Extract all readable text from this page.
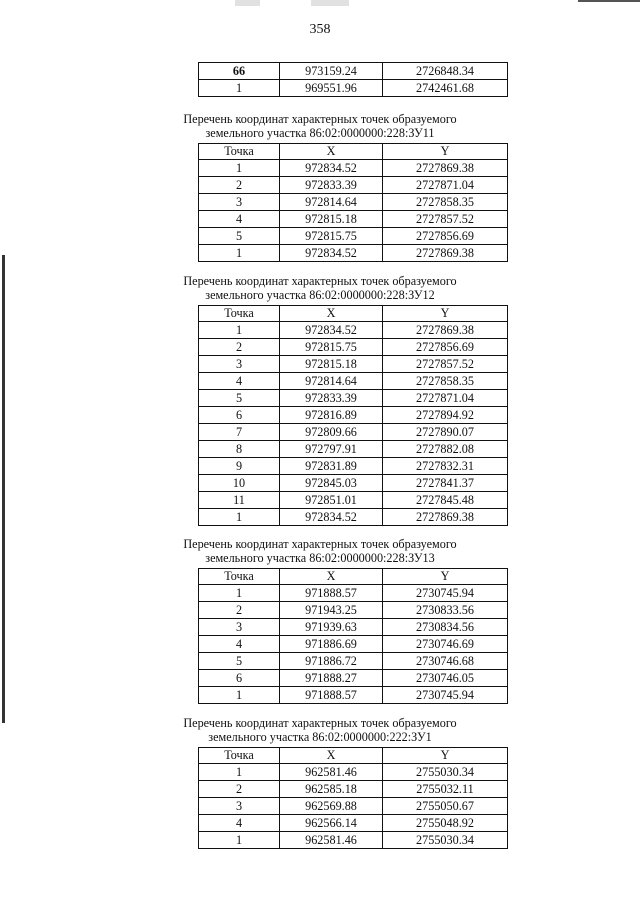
358
66	973159.24	2726848.34
1	969551.96	2742461.68
Перечень координат характерных точек образуемого
земельного участка 86:02:0000000:228:ЗУ11
Точка	X	Y
1	972834.52	2727869.38
2	972833.39	2727871.04
3	972814.64	2727858.35
4	972815.18	2727857.52
5	972815.75	2727856.69
1	972834.52	2727869.38
Перечень координат характерных точек образуемого
земельного участка 86:02:0000000:228:ЗУ12
Точка	X	Y
1	972834.52	2727869.38
2	972815.75	2727856.69
3	972815.18	2727857.52
4	972814.64	2727858.35
5	972833.39	2727871.04
6	972816.89	2727894.92
7	972809.66	2727890.07
8	972797.91	2727882.08
9	972831.89	2727832.31
10	972845.03	2727841.37
11	972851.01	2727845.48
1	972834.52	2727869.38
Перечень координат характерных точек образуемого
земельного участка 86:02:0000000:228:ЗУ13
Точка	X	Y
1	971888.57	2730745.94
2	971943.25	2730833.56
3	971939.63	2730834.56
4	971886.69	2730746.69
5	971886.72	2730746.68
6	971888.27	2730746.05
1	971888.57	2730745.94
Перечень координат характерных точек образуемого
земельного участка 86:02:0000000:222:ЗУ1
Точка	X	Y
1	962581.46	2755030.34
2	962585.18	2755032.11
3	962569.88	2755050.67
4	962566.14	2755048.92
1	962581.46	2755030.34
